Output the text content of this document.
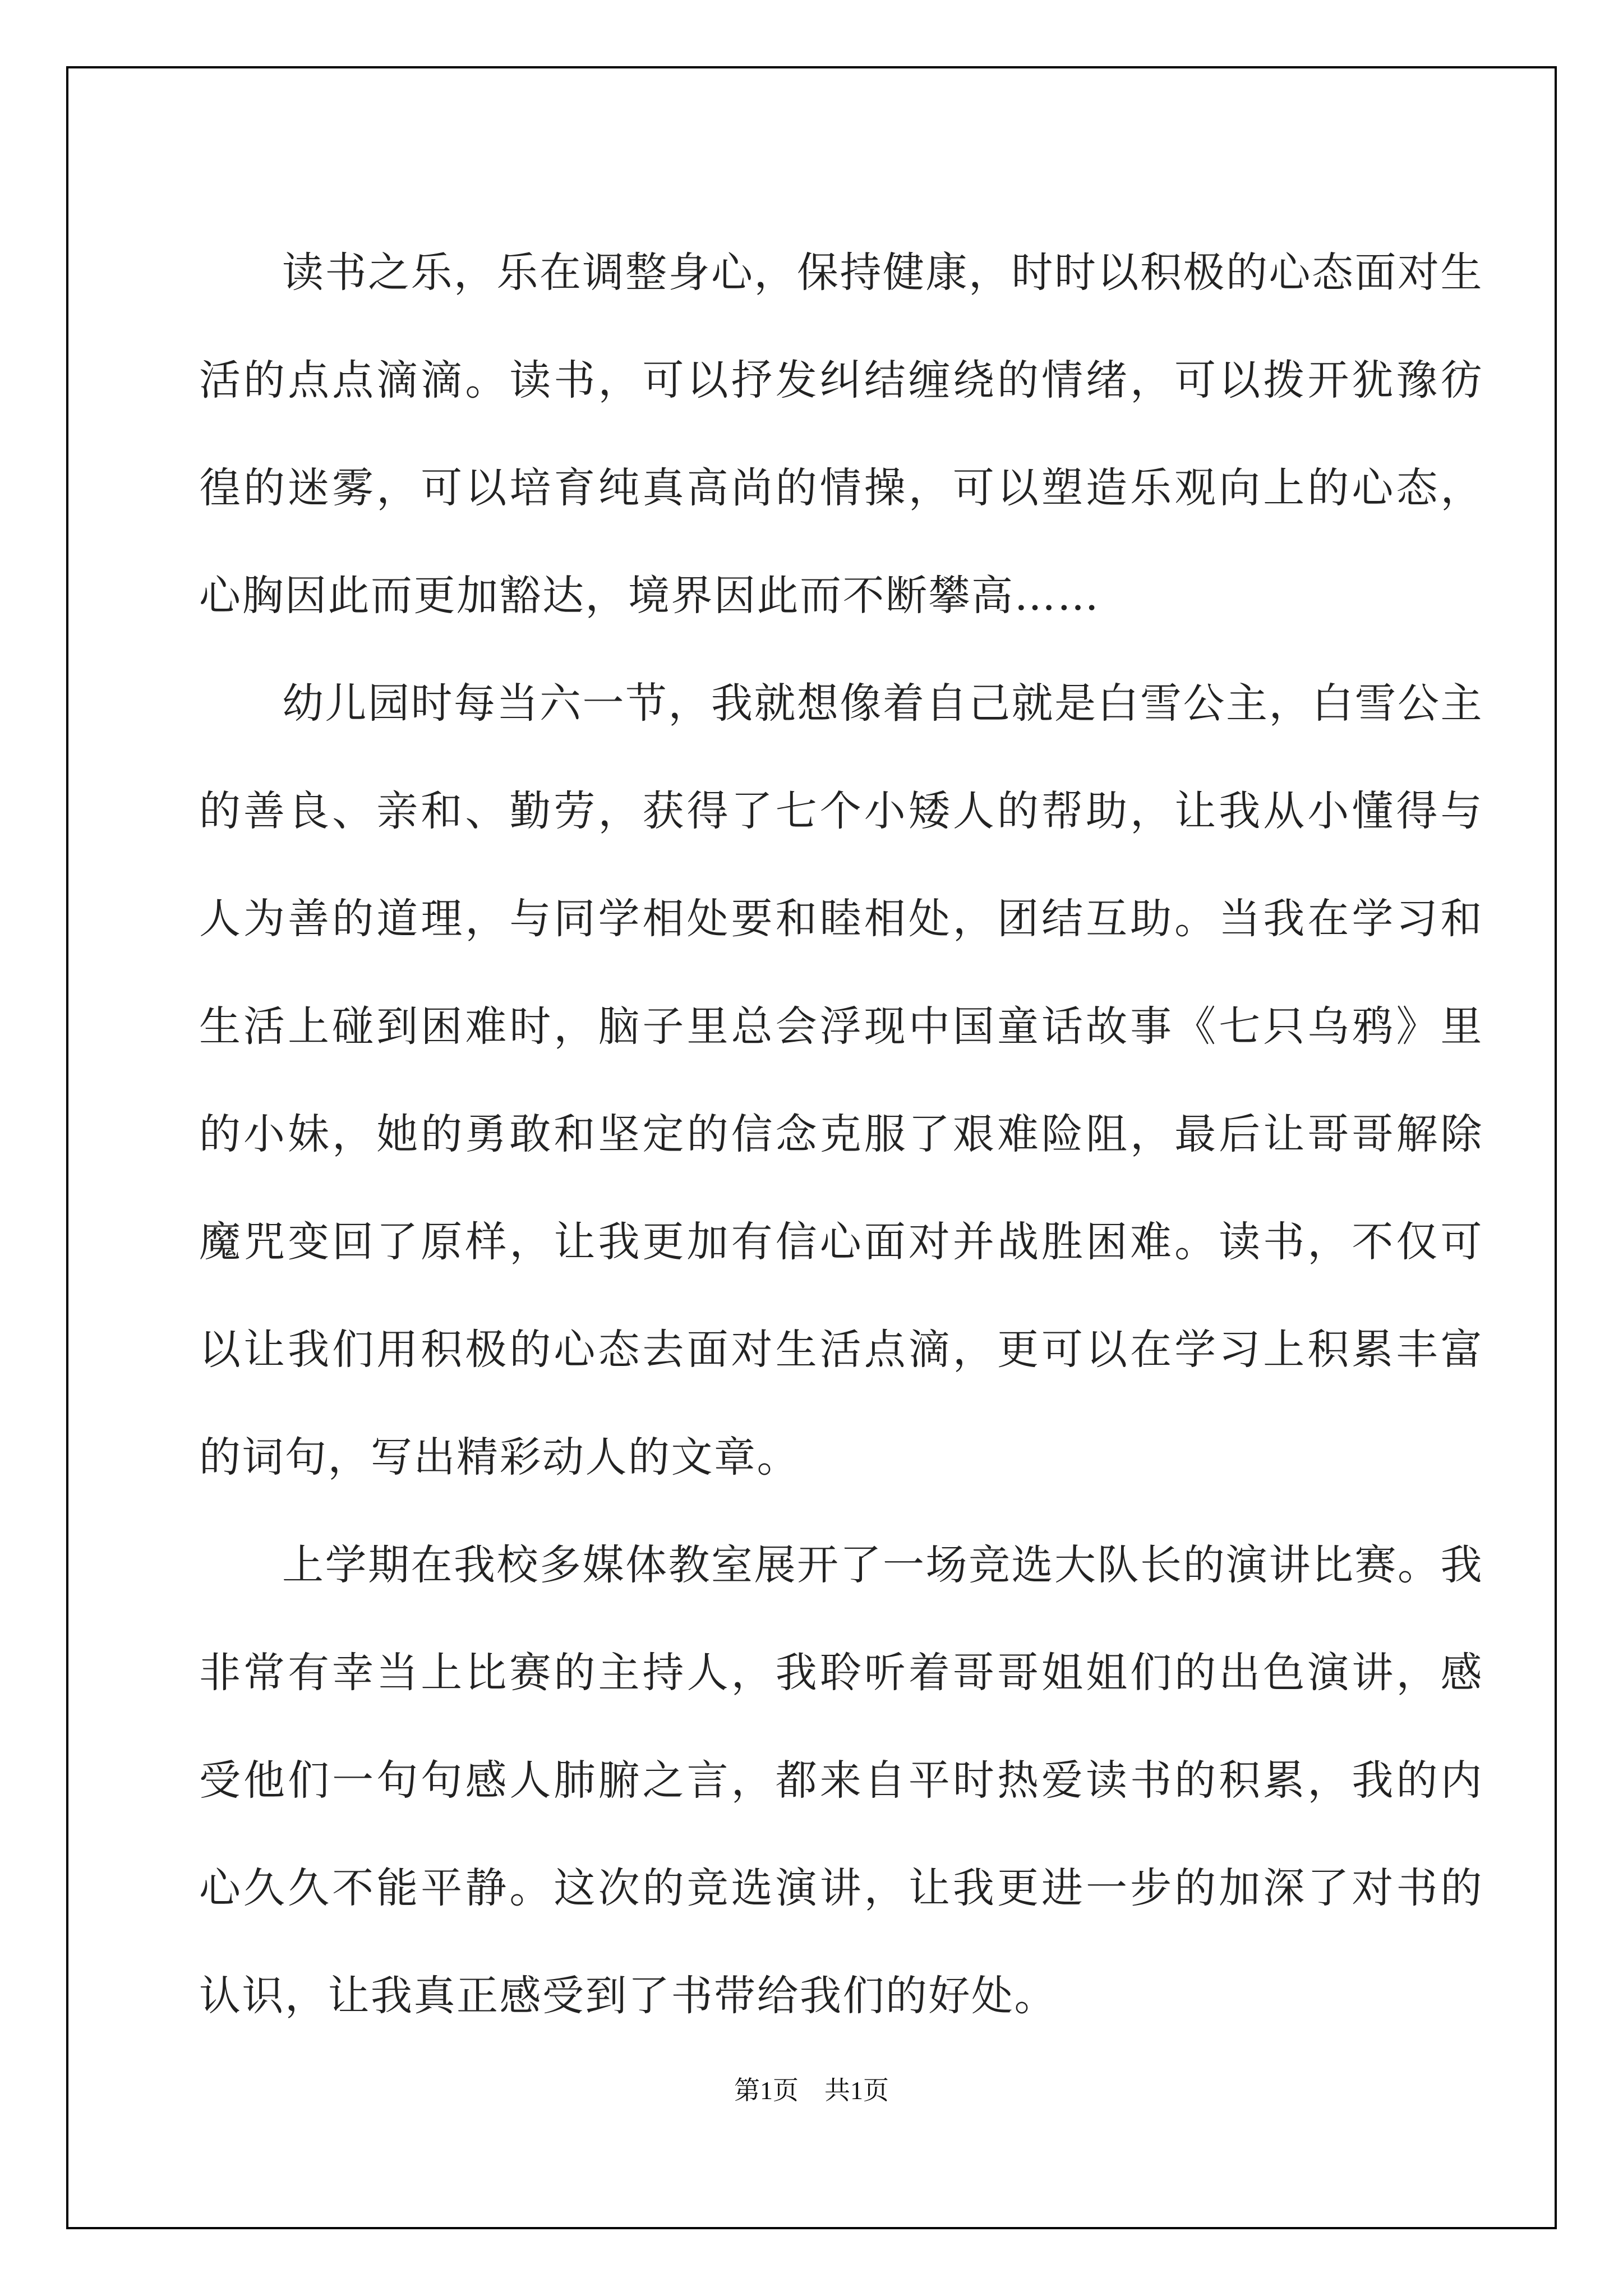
读书之乐，乐在调整身心，保持健康，时时以积极的心态面对生活的点点滴滴。读书，可以抒发纠结缠绕的情绪，可以拨开犹豫彷徨的迷雾，可以培育纯真高尚的情操，可以塑造乐观向上的心态，心胸因此而更加豁达，境界因此而不断攀高……

幼儿园时每当六一节，我就想像着自己就是白雪公主，白雪公主的善良、亲和、勤劳，获得了七个小矮人的帮助，让我从小懂得与人为善的道理，与同学相处要和睦相处，团结互助。当我在学习和生活上碰到困难时，脑子里总会浮现中国童话故事《七只乌鸦》里的小妹，她的勇敢和坚定的信念克服了艰难险阻，最后让哥哥解除魔咒变回了原样，让我更加有信心面对并战胜困难。读书，不仅可以让我们用积极的心态去面对生活点滴，更可以在学习上积累丰富的词句，写出精彩动人的文章。

上学期在我校多媒体教室展开了一场竞选大队长的演讲比赛。我非常有幸当上比赛的主持人，我聆听着哥哥姐姐们的出色演讲，感受他们一句句感人肺腑之言，都来自平时热爱读书的积累，我的内心久久不能平静。这次的竞选演讲，让我更进一步的加深了对书的认识，让我真正感受到了书带给我们的好处。

第1页　共1页
